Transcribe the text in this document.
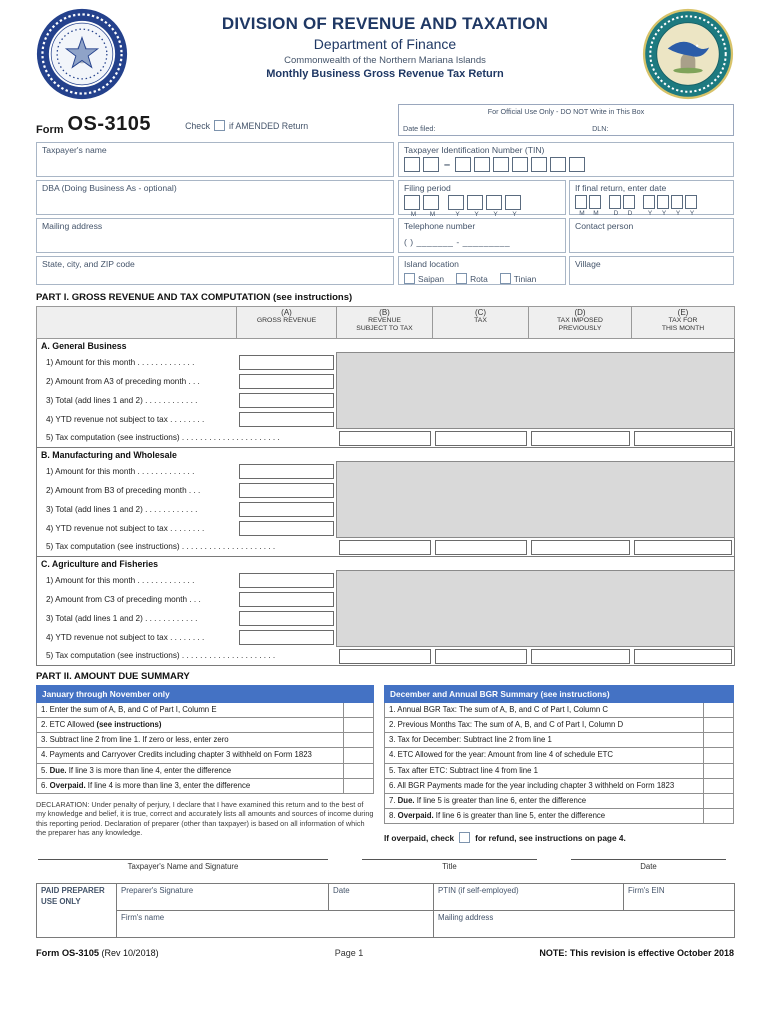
DIVISION OF REVENUE AND TAXATION
Department of Finance
Commonwealth of the Northern Mariana Islands
Monthly Business Gross Revenue Tax Return
Form OS-3105	Check if AMENDED Return
For Official Use Only - DO NOT Write in This Box
Date filed:	DLN:
Taxpayer's name
DBA (Doing Business As - optional)
Mailing address
State, city, and ZIP code
Taxpayer Identification Number (TIN)
–
Filing period
M	M	Y	Y	Y	Y
If final return, enter date
M	M	D	D	Y	Y	Y	Y
Telephone number
( ) _______ - _________
Contact person
Island location
Saipan	Rota	Tinian
Village
PART I. GROSS REVENUE AND TAX COMPUTATION (see instructions)

(A)
GROSS REVENUE

(B)
REVENUE
SUBJECT TO TAX

(C)
TAX

(D)
TAX IMPOSED
PREVIOUSLY

(E)
TAX FOR
THIS MONTH

A. General Business					
1) Amount for this month . . . . . . . . . . . . .				

2) Amount from A3 of preceding month . . .					

3) Total (add lines 1 and 2) . . . . . . . . . . . .					

4) YTD revenue not subject to tax . . . . . . . .					

5) Tax computation (see instructions) . . . . . . . . . . . . . . . . . . . . . .		

B. Manufacturing and Wholesale					
1) Amount for this month . . . . . . . . . . . . .				

2) Amount from B3 of preceding month . . .					

3) Total (add lines 1 and 2) . . . . . . . . . . . .					

4) YTD revenue not subject to tax . . . . . . . .					

5) Tax computation (see instructions) . . . . . . . . . . . . . . . . . . . . .		

C. Agriculture and Fisheries					
1) Amount for this month . . . . . . . . . . . . .				

2) Amount from C3 of preceding month . . .					

3) Total (add lines 1 and 2) . . . . . . . . . . . .					

4) YTD revenue not subject to tax . . . . . . . .					

5) Tax computation (see instructions) . . . . . . . . . . . . . . . . . . . . .		

PART II. AMOUNT DUE SUMMARY
January through November only	
1. Enter the sum of A, B, and C of Part I, Column E	
2. ETC Allowed (see instructions)	
3. Subtract line 2 from line 1. If zero or less, enter zero	
4. Payments and Carryover Credits including chapter 3 withheld on Form 1823	
5. Due. If line 3 is more than line 4, enter the difference	
6. Overpaid. If line 4 is more than line 3, enter the difference	
DECLARATION: Under penalty of perjury, I declare that I have examined this return and to the best of my knowledge and belief, it is true, correct and accurately lists all amounts and sources of income during this reporting period. Declaration of preparer (other than taxpayer) is based on all information of which the preparer has any knowledge.
December and Annual BGR Summary (see instructions)	
1. Annual BGR Tax: The sum of A, B, and C of Part I, Column C	
2. Previous Months Tax: The sum of A, B, and C of Part I, Column D	
3. Tax for December: Subtract line 2 from line 1	
4. ETC Allowed for the year: Amount from line 4 of schedule ETC	
5. Tax after ETC: Subtract line 4 from line 1	
6. All BGR Payments made for the year including chapter 3 withheld on Form 1823	
7. Due. If line 5 is greater than line 6, enter the difference	
8. Overpaid. If line 6 is greater than line 5, enter the difference	
If overpaid, check	for refund, see instructions on page 4.
Taxpayer's Name and Signature	Title	Date
PAID PREPARER
USE ONLY	Preparer's Signature	Date	PTIN (if self-employed)	Firm's EIN
	Firm's name		Mailing address	
Form OS-3105 (Rev 10/2018)	Page 1	NOTE: This revision is effective October 2018
